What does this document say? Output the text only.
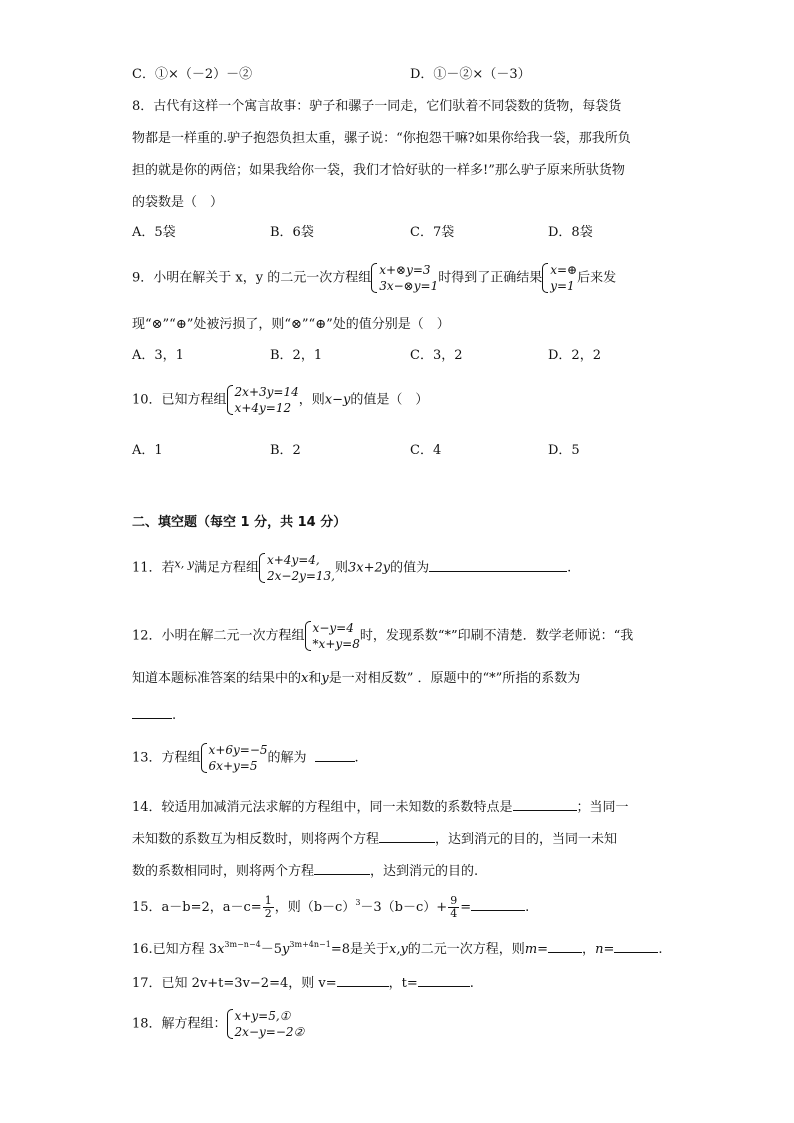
C．①×（－2）－②	D．①－②×（－3）
8．古代有这样一个寓言故事：驴子和骡子一同走，它们驮着不同袋数的货物，每袋货
物都是一样重的.驴子抱怨负担太重，骡子说：“你抱怨干嘛?如果你给我一袋，那我所负
担的就是你的两倍；如果我给你一袋，我们才恰好驮的一样多!”那么驴子原来所驮货物
的袋数是（　）
A．5袋	B．6袋	C．7袋	D．8袋
9．小明在解关于 x，y 的二元一次方程组
x+⊗y=3
3x−⊗y=1
时得到了正确结果
x=⊕
y=1
后来发
现“⊗”“⊕”处被污损了，则“⊗”“⊕”处的值分别是（　）
A．3，1	B．2，1	C．3，2	D．2，2
10．已知方程组
2x+3y=14
x+4y=12
，则x−y的值是（　）
A．1	B．2	C．4	D．5
二、填空题（每空 1 分，共 14 分）
11．若$^{x, y}$满足方程组
x+4y=4,
2x−2y=13,
则3x+2y的值为	.
12．小明在解二元一次方程组
x−y=4
*x+y=8
时，发现系数“*”印刷不清楚．数学老师说：“我
知道本题标准答案的结果中的x和y是一对相反数” ．原题中的“*”所指的系数为
.
13．方程组
x+6y=−5
6x+y=5
的解为	.
14．较适用加减消元法求解的方程组中，同一未知数的系数特点是	；当同一
未知数的系数互为相反数时，则将两个方程	，达到消元的目的，当同一未知
数的系数相同时，则将两个方程	，达到消元的目的.
15．a－b=2，$a-c= \frac{1}{2}$ ，则$(b-c)^3-3(b-c)+ \frac{9}{4}$ =	.
16.已知方程 $3x^{3m-n-4}-5y^{3m+4n-1}=8$是关于x,y的二元一次方程，则m=	，n=	.
17．已知 2v+t=3v−2=4，则 v=	，t=	.
18．解方程组：
x+y=5,①
2x−y=−2②
